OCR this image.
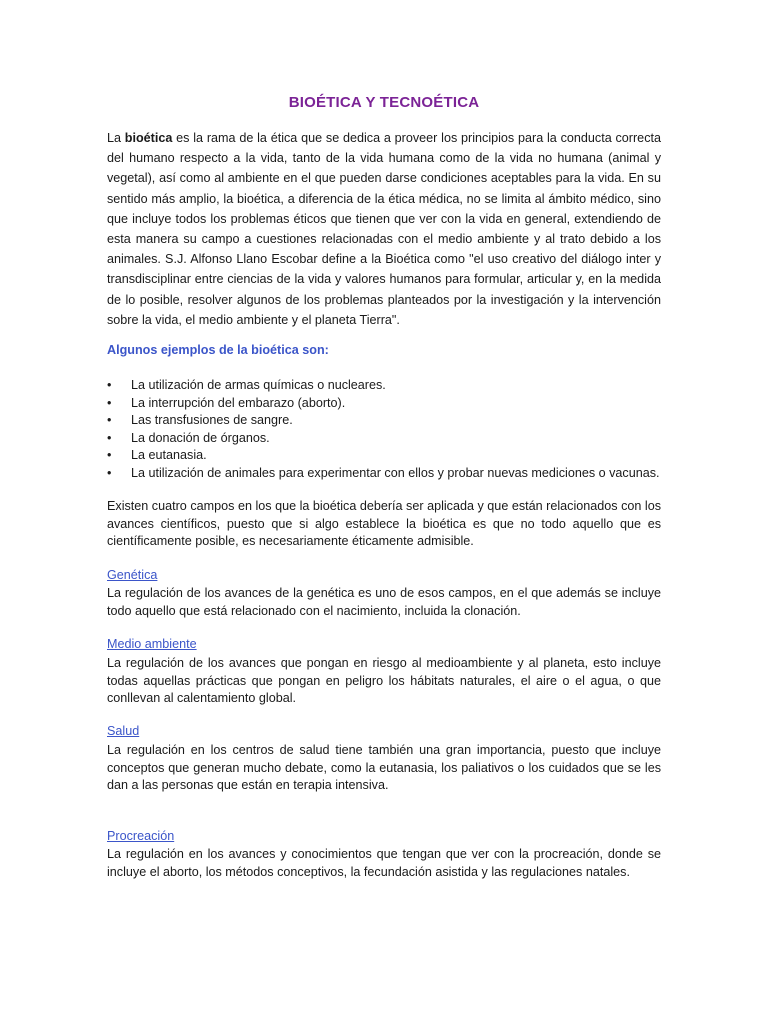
BIOÉTICA Y TECNOÉTICA

La bioética es la rama de la ética que se dedica a proveer los principios para la conducta correcta del humano respecto a la vida, tanto de la vida humana como de la vida no humana (animal y vegetal), así como al ambiente en el que pueden darse condiciones aceptables para la vida. En su sentido más amplio, la bioética, a diferencia de la ética médica, no se limita al ámbito médico, sino que incluye todos los problemas éticos que tienen que ver con la vida en general, extendiendo de esta manera su campo a cuestiones relacionadas con el medio ambiente y al trato debido a los animales. S.J. Alfonso Llano Escobar define a la Bioética como "el uso creativo del diálogo inter y transdisciplinar entre ciencias de la vida y valores humanos para formular, articular y, en la medida de lo posible, resolver algunos de los problemas planteados por la investigación y la intervención sobre la vida, el medio ambiente y el planeta Tierra".

Algunos ejemplos de la bioética son:

• La utilización de armas químicas o nucleares.
• La interrupción del embarazo (aborto).
• Las transfusiones de sangre.
• La donación de órganos.
• La eutanasia.
• La utilización de animales para experimentar con ellos y probar nuevas mediciones o vacunas.

Existen cuatro campos en los que la bioética debería ser aplicada y que están relacionados con los avances científicos, puesto que si algo establece la bioética es que no todo aquello que es científicamente posible, es necesariamente éticamente admisible.

Genética

La regulación de los avances de la genética es uno de esos campos, en el que además se incluye todo aquello que está relacionado con el nacimiento, incluida la clonación.

Medio ambiente

La regulación de los avances que pongan en riesgo al medioambiente y al planeta, esto incluye todas aquellas prácticas que pongan en peligro los hábitats naturales, el aire o el agua, o que conllevan al calentamiento global.

Salud

La regulación en los centros de salud tiene también una gran importancia, puesto que incluye conceptos que generan mucho debate, como la eutanasia, los paliativos o los cuidados que se les dan a las personas que están en terapia intensiva.

Procreación

La regulación en los avances y conocimientos que tengan que ver con la procreación, donde se incluye el aborto, los métodos conceptivos, la fecundación asistida y las regulaciones natales.
